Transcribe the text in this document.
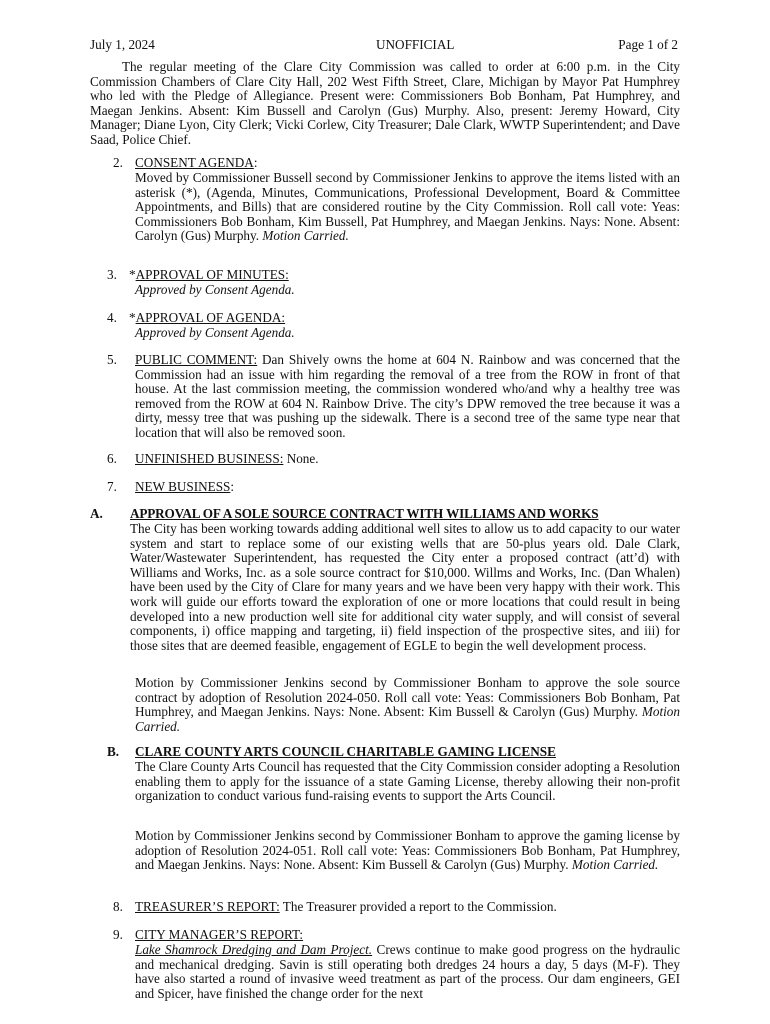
July 1, 2024	UNOFFICIAL	Page 1 of 2
The regular meeting of the Clare City Commission was called to order at 6:00 p.m. in the City Commission Chambers of Clare City Hall, 202 West Fifth Street, Clare, Michigan by Mayor Pat Humphrey who led with the Pledge of Allegiance. Present were: Commissioners Bob Bonham, Pat Humphrey, and Maegan Jenkins. Absent: Kim Bussell and Carolyn (Gus) Murphy. Also, present: Jeremy Howard, City Manager; Diane Lyon, City Clerk; Vicki Corlew, City Treasurer; Dale Clark, WWTP Superintendent; and Dave Saad, Police Chief.
2. CONSENT AGENDA:
Moved by Commissioner Bussell second by Commissioner Jenkins to approve the items listed with an asterisk (*), (Agenda, Minutes, Communications, Professional Development, Board & Committee Appointments, and Bills) that are considered routine by the City Commission. Roll call vote: Yeas: Commissioners Bob Bonham, Kim Bussell, Pat Humphrey, and Maegan Jenkins. Nays: None. Absent: Carolyn (Gus) Murphy. Motion Carried.
3. *APPROVAL OF MINUTES:
Approved by Consent Agenda.
4. *APPROVAL OF AGENDA:
Approved by Consent Agenda.
5. PUBLIC COMMENT: Dan Shively owns the home at 604 N. Rainbow and was concerned that the Commission had an issue with him regarding the removal of a tree from the ROW in front of that house. At the last commission meeting, the commission wondered who/and why a healthy tree was removed from the ROW at 604 N. Rainbow Drive. The city’s DPW removed the tree because it was a dirty, messy tree that was pushing up the sidewalk. There is a second tree of the same type near that location that will also be removed soon.
6. UNFINISHED BUSINESS: None.
7. NEW BUSINESS:
A. APPROVAL OF A SOLE SOURCE CONTRACT WITH WILLIAMS AND WORKS
The City has been working towards adding additional well sites to allow us to add capacity to our water system and start to replace some of our existing wells that are 50-plus years old. Dale Clark, Water/Wastewater Superintendent, has requested the City enter a proposed contract (att’d) with Williams and Works, Inc. as a sole source contract for $10,000. Willms and Works, Inc. (Dan Whalen) have been used by the City of Clare for many years and we have been very happy with their work. This work will guide our efforts toward the exploration of one or more locations that could result in being developed into a new production well site for additional city water supply, and will consist of several components, i) office mapping and targeting, ii) field inspection of the prospective sites, and iii) for those sites that are deemed feasible, engagement of EGLE to begin the well development process.
Motion by Commissioner Jenkins second by Commissioner Bonham to approve the sole source contract by adoption of Resolution 2024-050. Roll call vote: Yeas: Commissioners Bob Bonham, Pat Humphrey, and Maegan Jenkins. Nays: None. Absent: Kim Bussell & Carolyn (Gus) Murphy. Motion Carried.
B. CLARE COUNTY ARTS COUNCIL CHARITABLE GAMING LICENSE
The Clare County Arts Council has requested that the City Commission consider adopting a Resolution enabling them to apply for the issuance of a state Gaming License, thereby allowing their non-profit organization to conduct various fund-raising events to support the Arts Council.
Motion by Commissioner Jenkins second by Commissioner Bonham to approve the gaming license by adoption of Resolution 2024-051. Roll call vote: Yeas: Commissioners Bob Bonham, Pat Humphrey, and Maegan Jenkins. Nays: None. Absent: Kim Bussell & Carolyn (Gus) Murphy. Motion Carried.
8. TREASURER’S REPORT: The Treasurer provided a report to the Commission.
9. CITY MANAGER’S REPORT:
Lake Shamrock Dredging and Dam Project. Crews continue to make good progress on the hydraulic and mechanical dredging. Savin is still operating both dredges 24 hours a day, 5 days (M-F). They have also started a round of invasive weed treatment as part of the process. Our dam engineers, GEI and Spicer, have finished the change order for the next
